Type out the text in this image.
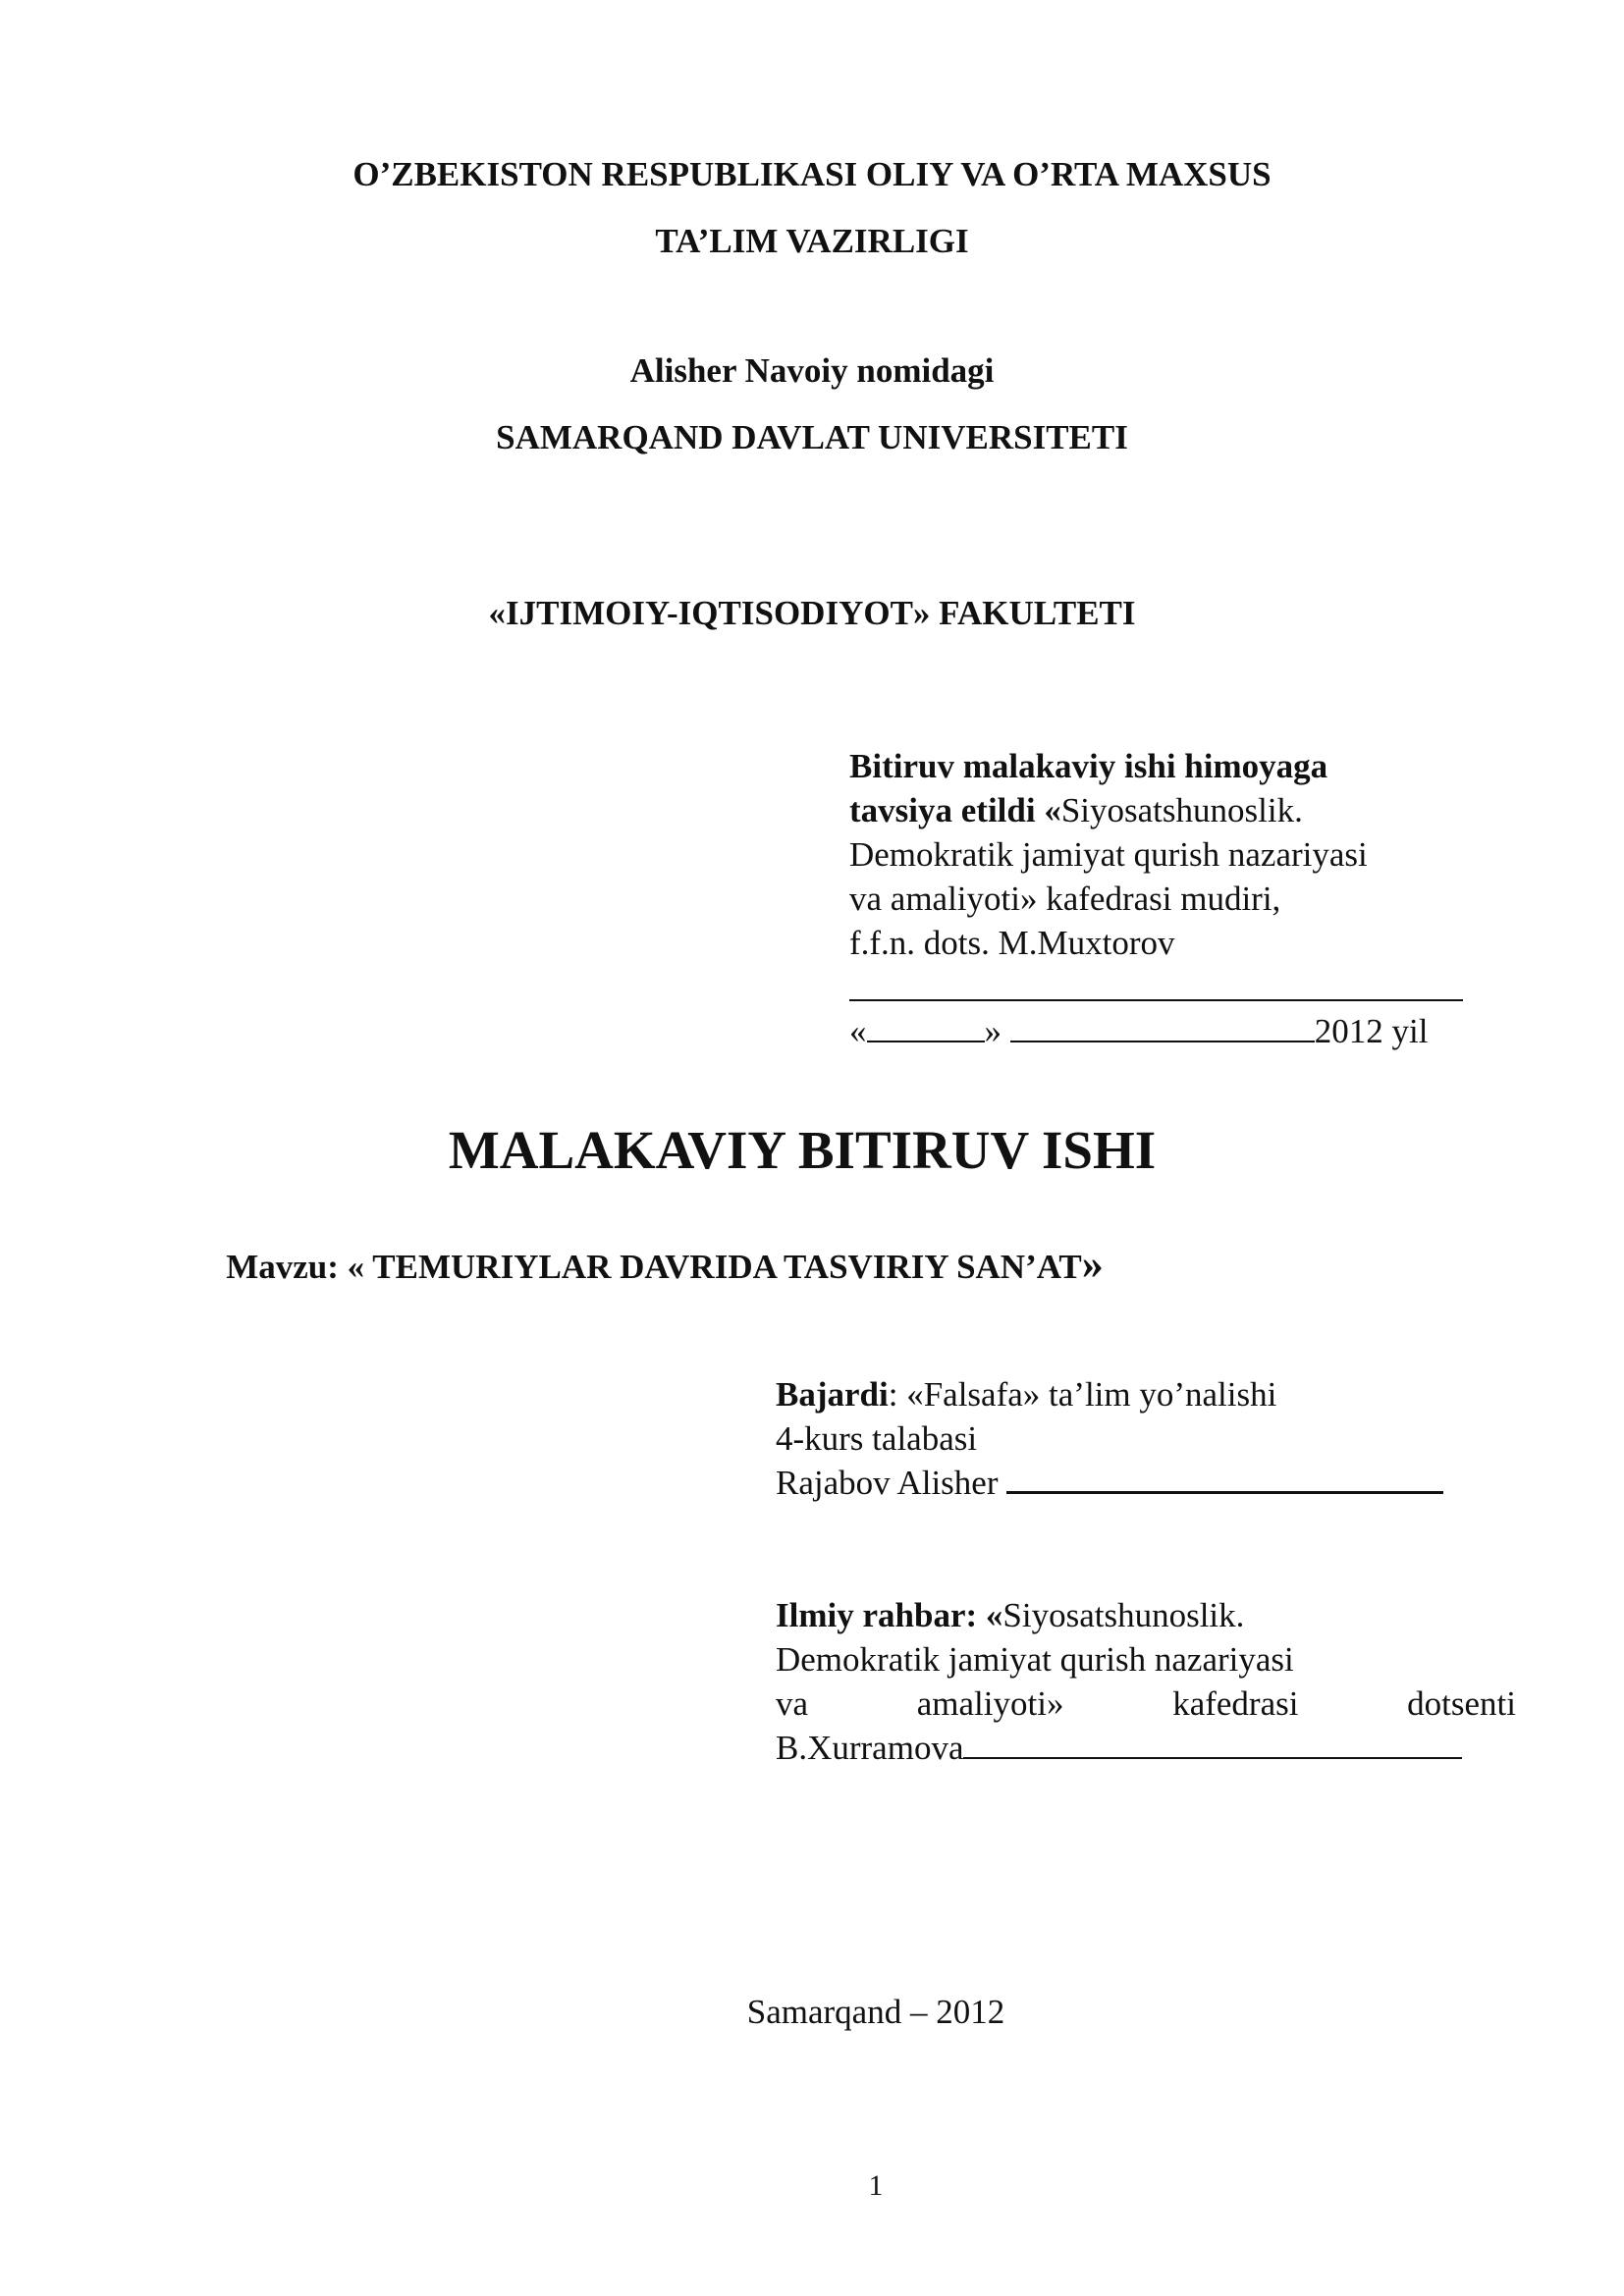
O’ZBEKISTON RESPUBLIKASI OLIY VA O’RTA MAXSUS
TA’LIM VAZIRLIGI
Alisher Navoiy nomidagi
SAMARQAND DAVLAT UNIVERSITETI
«IJTIMOIY-IQTISODIYOT» FAKULTETI
Bitiruv malakaviy ishi himoyaga
tavsiya etildi «Siyosatshunoslik.
Demokratik jamiyat qurish nazariyasi
va amaliyoti» kafedrasi mudiri,
f.f.n. dots. M.Muxtorov
«	»	2012 yil
MALAKAVIY BITIRUV ISHI
Mavzu: « TEMURIYLAR DAVRIDA TASVIRIY SAN’AT»
Bajardi: «Falsafa» ta’lim yo’nalishi
4-kurs talabasi
Rajabov Alisher
Ilmiy rahbar: «Siyosatshunoslik.
Demokratik jamiyat qurish nazariyasi
va	amaliyoti»	kafedrasi	dotsenti
B.Xurramova
Samarqand – 2012
1
